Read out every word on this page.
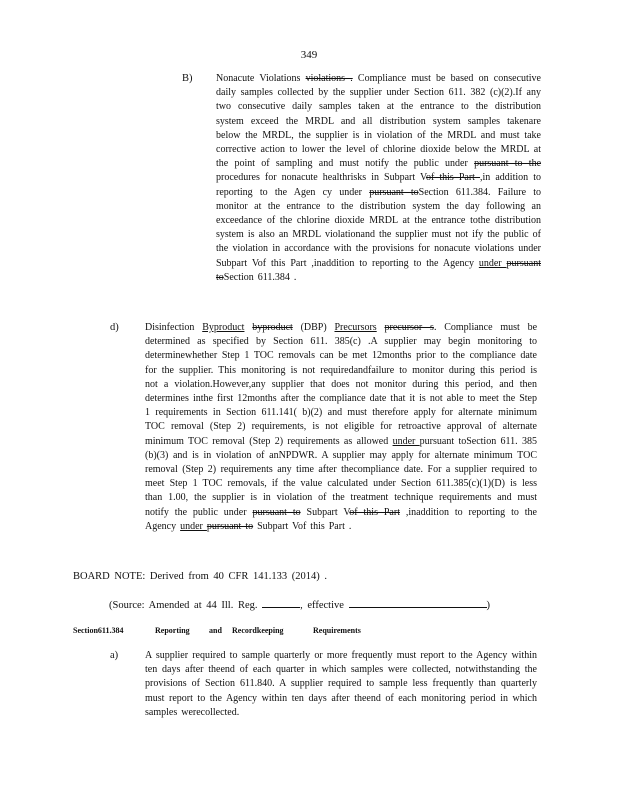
349
B) Nonacute Violations violations . Compliance must be based on consecutive daily samples collected by the supplier under Section 611. 382 (c)(2).If any two consecutive daily samples taken at the entrance to the distribution system exceed the MRDL and all distribution system samples takenare below the MRDL, the supplier is in violation of the MRDL and must take corrective action to lower the level of chlorine dioxide below the MRDL at the point of sampling and must notify the public under pursuant to the procedures for nonacute healthrisks in Subpart Vof this Part ,in addition to reporting to the Agen cy under pursuant toSection 611.384. Failure to monitor at the entrance to the distribution system the day following an exceedance of the chlorine dioxide MRDL at the entrance tothe distribution system is also an MRDL violationand the supplier must not ify the public of the violation in accordance with the provisions for nonacute violations under Subpart Vof this Part ,inaddition to reporting to the Agency under pursuant toSection 611.384 .
d)	Disinfection Byproduct byproduct (DBP) Precursors precursor s. Compliance must be determined as specified by Section 611. 385(c) .A supplier may begin monitoring to determinewhether Step 1 TOC removals can be met 12months prior to the compliance date for the supplier. This monitoring is not requiredandfailure to monitor during this period is not a violation.However,any supplier that does not monitor during this period, and then determines inthe first 12months after the compliance date that it is not able to meet the Step 1 requirements in Section 611.141( b)(2) and must therefore apply for alternate minimum TOC removal (Step 2) requirements, is not eligible for retroactive approval of alternate minimum TOC removal (Step 2) requirements as allowed under pursuant toSection 611. 385 (b)(3) and is in violation of anNPDWR. A supplier may apply for alternate minimum TOC removal (Step 2) requirements any time after thecompliance date. For a supplier required to meet Step 1 TOC removals, if the value calculated under Section 611.385(c)(1)(D) is less than 1.00, the supplier is in violation of the treatment technique requirements and must notify the public under pursuant to Subpart Vof this Part ,inaddition to reporting to the Agency under pursuant to Subpart Vof this Part .
BOARD NOTE: Derived from 40 CFR 141.133 (2014) .
(Source: Amended at 44 Ill. Reg.	, effective	)
Section611.384	Reporting and Recordkeeping	Requirements
a)	A supplier required to sample quarterly or more frequently must report to the Agency within ten days after theend of each quarter in which samples were collected, notwithstanding the provisions of Section 611.840. A supplier required to sample less frequently than quarterly must report to the Agency within ten days after theend of each monitoring period in which samples werecollected.
